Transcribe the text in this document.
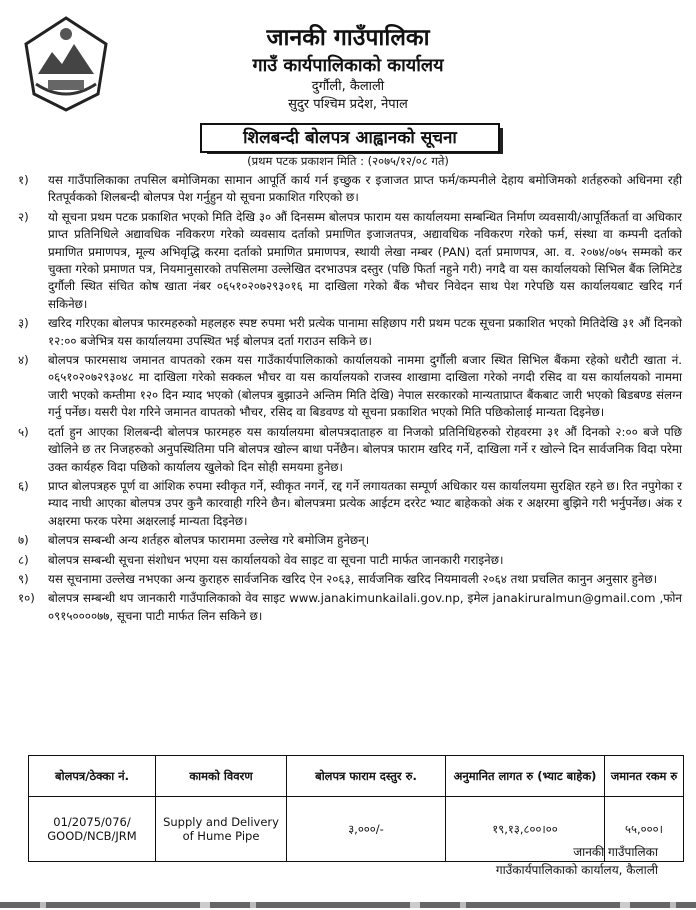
जानकी गाउँपालिका
गाउँ कार्यपालिकाको कार्यालय
दुर्गौली, कैलाली
सुदुर पश्चिम प्रदेश, नेपाल
शिलबन्दी बोलपत्र आह्वानको सूचना
(प्रथम पटक प्रकाशन मिति : (२०७५/१२/०८ गते)
१)	यस गाउँपालिकाका तपसिल बमोजिमका सामान आपूर्ति कार्य गर्न इच्छुक र इजाजत प्राप्त फर्म/कम्पनीले देहाय बमोजिमको शर्तहरुको अधिनमा रही रितपूर्वकको शिलबन्दी बोलपत्र पेश गर्नुहुन यो सूचना प्रकाशित गरिएको छ।
२)	यो सूचना प्रथम पटक प्रकाशित भएको मिति देखि ३० औं दिनसम्म बोलपत्र फाराम यस कार्यालयमा सम्बन्धित निर्माण व्यवसायी/आपूर्तिकर्ता वा अधिकार प्राप्त प्रतिनिधिले अद्यावधिक नविकरण गरेको व्यवसाय दर्ताको प्रमाणित इजाजतपत्र, अद्यावधिक नविकरण गरेको फर्म, संस्था वा कम्पनी दर्ताको प्रमाणित प्रमाणपत्र, मूल्य अभिवृद्धि करमा दर्ताको प्रमाणित प्रमाणपत्र, स्थायी लेखा नम्बर (PAN) दर्ता प्रमाणपत्र, आ. व. २०७४/०७५ सम्मको कर चुक्ता गरेको प्रमाणत पत्र, नियमानुसारको तपसिलमा उल्लेखित दरभाउपत्र दस्तुर (पछि फिर्ता नहुने गरी) नगदै वा यस कार्यालयको सिभिल बैंक लिमिटेड दुर्गौली स्थित संचित कोष खाता नंबर ०६५१०२०७२९३०१६ मा दाखिला गरेको बैंक भौचर निवेदन साथ पेश गरेपछि यस कार्यालयबाट खरिद गर्न सकिनेछ।
३)	खरिद गरिएका बोलपत्र फारमहरुको महलहरु स्पष्ट रुपमा भरी प्रत्येक पानामा सहिछाप गरी प्रथम पटक सूचना प्रकाशित भएको मितिदेखि ३१ औं दिनको १२:०० बजेभित्र यस कार्यालयमा उपस्थित भई बोलपत्र दर्ता गराउन सकिने छ।
४)	बोलपत्र फारमसाथ जमानत वापतको रकम यस गाउँकार्यपालिकाको कार्यालयको नाममा दुर्गौली बजार स्थित सिभिल बैंकमा रहेको धरौटी खाता नं. ०६५१०२०७२९३०४८ मा दाखिला गरेको सक्कल भौचर वा यस कार्यालयको राजस्व शाखामा दाखिला गरेको नगदी रसिद वा यस कार्यालयको नाममा जारी भएको कम्तीमा १२० दिन म्याद भएको (बोलपत्र बुझाउने अन्तिम मिति देखि) नेपाल सरकारको मान्यताप्राप्त बैंकबाट जारी भएको बिडबण्ड संलग्न गर्नु पर्नेछ। यसरी पेश गरिने जमानत वापतको भौचर, रसिद वा बिडवण्ड यो सूचना प्रकाशित भएको मिति पछिकोलाई मान्यता दिइनेछ।
५)	दर्ता हुन आएका शिलबन्दी बोलपत्र फारमहरु यस कार्यालयमा बोलपत्रदाताहरु वा निजको प्रतिनिधिहरुको रोहवरमा ३१ औं दिनको २:०० बजे पछि खोलिने छ तर निजहरुको अनुपस्थितिमा पनि बोलपत्र खोल्न बाधा पर्नेछैन। बोलपत्र फाराम खरिद गर्ने, दाखिला गर्ने र खोल्ने दिन सार्वजनिक विदा परेमा उक्त कार्यहरु विदा पछिको कार्यालय खुलेको दिन सोही समयमा हुनेछ।
६)	प्राप्त बोलपत्रहरु पूर्ण वा आंशिक रुपमा स्वीकृत गर्ने, स्वीकृत नगर्ने, रद्द गर्ने लगायतका सम्पूर्ण अधिकार यस कार्यालयमा सुरक्षित रहने छ। रित नपुगेका र म्याद नाघी आएका बोलपत्र उपर कुनै कारवाही गरिने छैन। बोलपत्रमा प्रत्येक आईटम दररेट भ्याट बाहेकको अंक र अक्षरमा बुझिने गरी भर्नुपर्नेछ। अंक र अक्षरमा फरक परेमा अक्षरलाई मान्यता दिइनेछ।
७)	बोलपत्र सम्बन्धी अन्य शर्तहरु बोलपत्र फाराममा उल्लेख गरे बमोजिम हुनेछन्।
८)	बोलपत्र सम्बन्धी सूचना संशोधन भएमा यस कार्यालयको वेव साइट वा सूचना पाटी मार्फत जानकारी गराइनेछ।
९)	यस सूचनामा उल्लेख नभएका अन्य कुराहरु सार्वजनिक खरिद ऐन २०६३, सार्वजनिक खरिद नियमावली २०६४ तथा प्रचलित कानुन अनुसार हुनेछ।
१०)	बोलपत्र सम्बन्धी थप जानकारी गाउँपालिकाको वेव साइट www.janakimunkailali.gov.np, इमेल janakiruralmun@gmail.com ,फोन ०९१५००००७७, सूचना पाटी मार्फत लिन सकिने छ।
बोलपत्र/ठेक्का नं.	कामको विवरण	बोलपत्र फाराम दस्तुर रु.	अनुमानित लागत रु (भ्याट बाहेक)	जमानत रकम रु
01/2075/076/ GOOD/NCB/JRM	Supply and Delivery of Hume Pipe	३,०००/-	१९,१३,८००।००	५५,०००।
जानकी गाउँपालिका
गाउँकार्यपालिकाको कार्यालय, कैलाली
